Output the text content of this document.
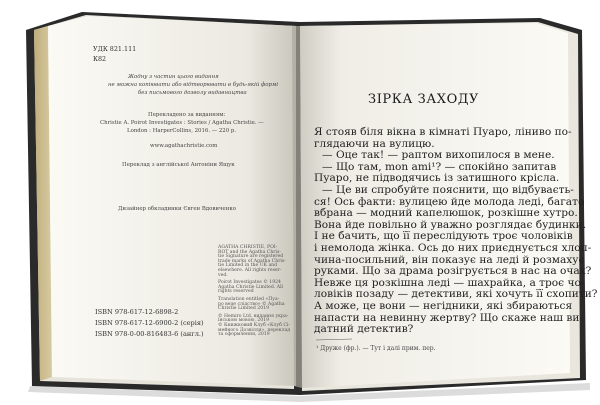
УДК 821.111
К82
Жодну з частин цього видання
не можна копіювати або відтворювати в будь-якій формі
без письмового дозволу видавництва
Перекладено за виданням:
Christie A. Poirot Investigates : Stories / Agatha Christie. —
London : HarperCollins, 2016. — 220 p.
www.agathachristie.com
Переклад з англійської Антоніни Ящук
Дизайнер обкладинки Євген Вдовиченко
AGATHA CHRISTIE, POI-
ROT and the Agatha Chris-
tie Signature are registered
trade marks of Agatha Chris-
tie Limited in the UK and
elsewhere. All rights reser-
ved.
Poirot Investigates © 1924
Agatha Christie Limited. All
rights reserved
Translation entitled «Пуа-
ро веде слідство» © Agatha
Christie Limited 2019
© Hemiro Ltd, видання укра-
їнською мовою, 2019
© Книжковий Клуб «Клуб Сі-
мейного Дозвілля», переклад
та оформлення, 2019
ISBN 978-617-12-6898-2
ISBN 978-617-12-6900-2 (серія)
ISBN 978-0-00-816483-6 (англ.)
ЗІРКА ЗАХОДУ
Я стояв біля вікна в кімнаті Пуаро, ліниво по-
глядаючи на вулицю.
— Оце так! — раптом вихопилося в мене.
— Що там, mon ami¹? — спокійно запитав
Пуаро, не підводячись із затишного крісла.
— Це ви спробуйте пояснити, що відбуваєть-
ся! Ось факти: вулицею йде молода леді, багато
вбрана — модний капелюшок, розкішне хутро.
Вона йде повільно й уважно розглядає будинки.
І не бачить, що її переслідують троє чоловіків
і немолода жінка. Ось до них приєднується хлоп-
чина-посильний, він показує на леді й розмахує
руками. Що за драма розігрується в нас на очах?
Невже ця розкішна леді — шахрайка, а троє чо-
ловіків позаду — детективи, які хочуть її схопити?
А може, це вони — негідники, які збираються
напасти на невинну жертву? Що скаже наш ви-
датний детектив?
¹ Друже (фр.). — Тут і далі прим. пер.
